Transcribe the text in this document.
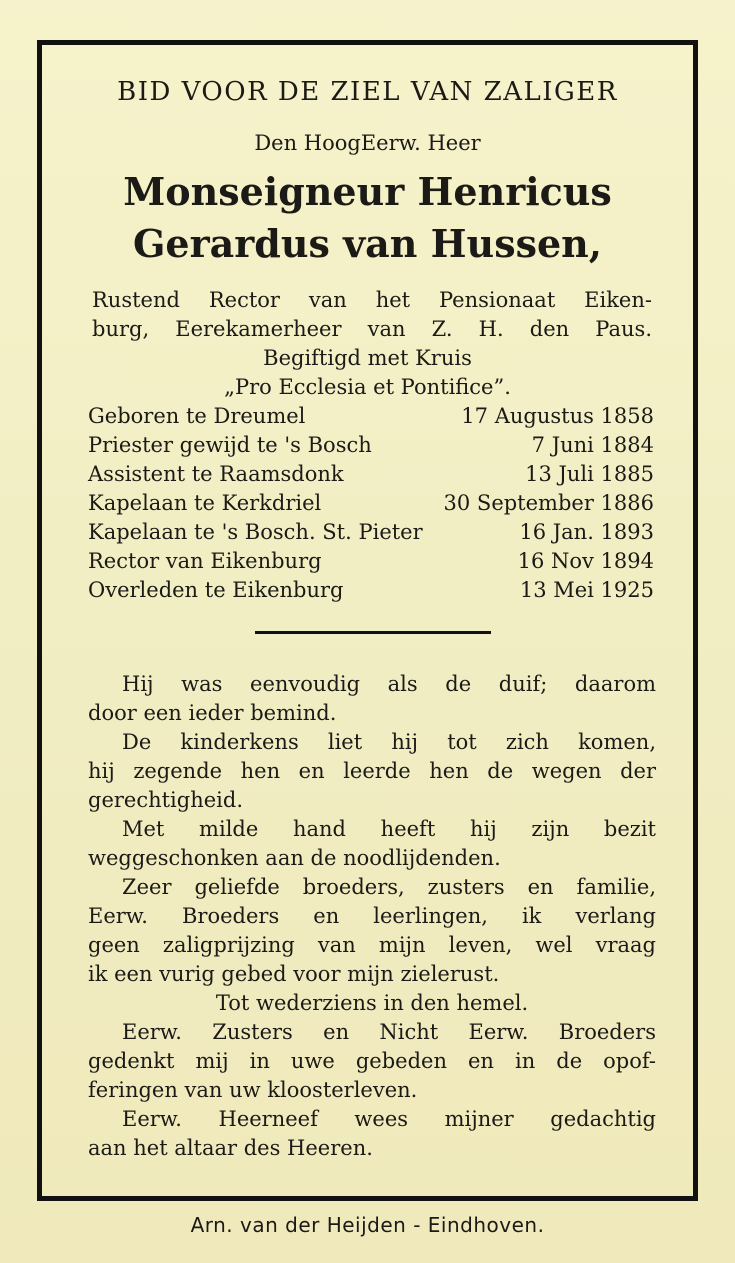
BID VOOR DE ZIEL VAN ZALIGER
Den HoogEerw. Heer
Monseigneur Henricus
Gerardus van Hussen,
Rustend Rector van het Pensionaat Eiken-
burg, Eerekamerheer van Z. H. den Paus.
Begiftigd met Kruis
„Pro Ecclesia et Pontifice”.
Geboren te Dreumel	17 Augustus 1858
Priester gewijd te 's Bosch	7 Juni 1884
Assistent te Raamsdonk	13 Juli 1885
Kapelaan te Kerkdriel	30 September 1886
Kapelaan te 's Bosch. St. Pieter	16 Jan. 1893
Rector van Eikenburg	16 Nov 1894
Overleden te Eikenburg	13 Mei 1925
Hij was eenvoudig als de duif; daarom
door een ieder bemind.
De kinderkens liet hij tot zich komen,
hij zegende hen en leerde hen de wegen der
gerechtigheid.
Met milde hand heeft hij zijn bezit
weggeschonken aan de noodlijdenden.
Zeer geliefde broeders, zusters en familie,
Eerw. Broeders en leerlingen, ik verlang
geen zaligprijzing van mijn leven, wel vraag
ik een vurig gebed voor mijn zielerust.
Tot wederziens in den hemel.
Eerw. Zusters en Nicht Eerw. Broeders
gedenkt mij in uwe gebeden en in de opof-
feringen van uw kloosterleven.
Eerw. Heerneef wees mijner gedachtig
aan het altaar des Heeren.
Arn. van der Heijden - Eindhoven.
